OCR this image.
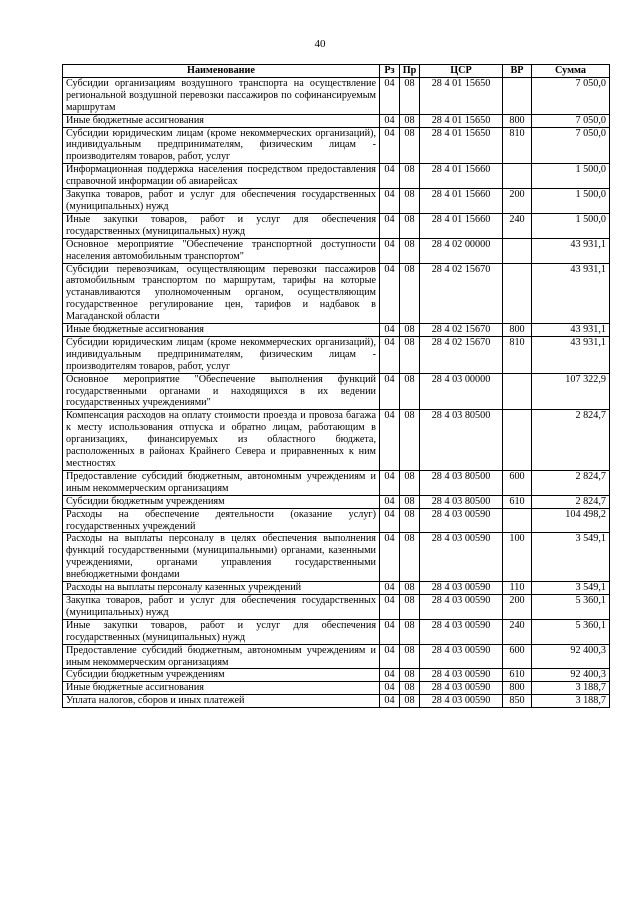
40
Наименование	Рз	Пр	ЦСР	ВР	Сумма
Субсидии организациям воздушного транспорта на осуществление региональной воздушной перевозки пассажиров по софинансируемым маршрутам	04	08	28 4 01 15650		7 050,0
Иные бюджетные ассигнования	04	08	28 4 01 15650	800	7 050,0
Субсидии юридическим лицам (кроме некоммерческих организаций), индивидуальным предпринимателям, физическим лицам - производителям товаров, работ, услуг	04	08	28 4 01 15650	810	7 050,0
Информационная поддержка населения посредством предоставления справочной информации об авиарейсах	04	08	28 4 01 15660		1 500,0
Закупка товаров, работ и услуг для обеспечения государственных (муниципальных) нужд	04	08	28 4 01 15660	200	1 500,0
Иные закупки товаров, работ и услуг для обеспечения государственных (муниципальных) нужд	04	08	28 4 01 15660	240	1 500,0
Основное мероприятие "Обеспечение транспортной доступности населения автомобильным транспортом"	04	08	28 4 02 00000		43 931,1
Субсидии перевозчикам, осуществляющим перевозки пассажиров автомобильным транспортом по маршрутам, тарифы на которые устанавливаются уполномоченным органом, осуществляющим государственное регулирование цен, тарифов и надбавок в Магаданской области	04	08	28 4 02 15670		43 931,1
Иные бюджетные ассигнования	04	08	28 4 02 15670	800	43 931,1
Субсидии юридическим лицам (кроме некоммерческих организаций), индивидуальным предпринимателям, физическим лицам - производителям товаров, работ, услуг	04	08	28 4 02 15670	810	43 931,1
Основное мероприятие "Обеспечение выполнения функций государственными органами и находящихся в их ведении государственных учреждениями"	04	08	28 4 03 00000		107 322,9
Компенсация расходов на оплату стоимости проезда и провоза багажа к месту использования отпуска и обратно лицам, работающим в организациях, финансируемых из областного бюджета, расположенных в районах Крайнего Севера и приравненных к ним местностях	04	08	28 4 03 80500		2 824,7
Предоставление субсидий бюджетным, автономным учреждениям и иным некоммерческим организациям	04	08	28 4 03 80500	600	2 824,7
Субсидии бюджетным учреждениям	04	08	28 4 03 80500	610	2 824,7
Расходы на обеспечение деятельности (оказание услуг) государственных учреждений	04	08	28 4 03 00590		104 498,2
Расходы на выплаты персоналу в целях обеспечения выполнения функций государственными (муниципальными) органами, казенными учреждениями, органами управления государственными внебюджетными фондами	04	08	28 4 03 00590	100	3 549,1
Расходы на выплаты персоналу казенных учреждений	04	08	28 4 03 00590	110	3 549,1
Закупка товаров, работ и услуг для обеспечения государственных (муниципальных) нужд	04	08	28 4 03 00590	200	5 360,1
Иные закупки товаров, работ и услуг для обеспечения государственных (муниципальных) нужд	04	08	28 4 03 00590	240	5 360,1
Предоставление субсидий бюджетным, автономным учреждениям и иным некоммерческим организациям	04	08	28 4 03 00590	600	92 400,3
Субсидии бюджетным учреждениям	04	08	28 4 03 00590	610	92 400,3
Иные бюджетные ассигнования	04	08	28 4 03 00590	800	3 188,7
Уплата налогов, сборов и иных платежей	04	08	28 4 03 00590	850	3 188,7
